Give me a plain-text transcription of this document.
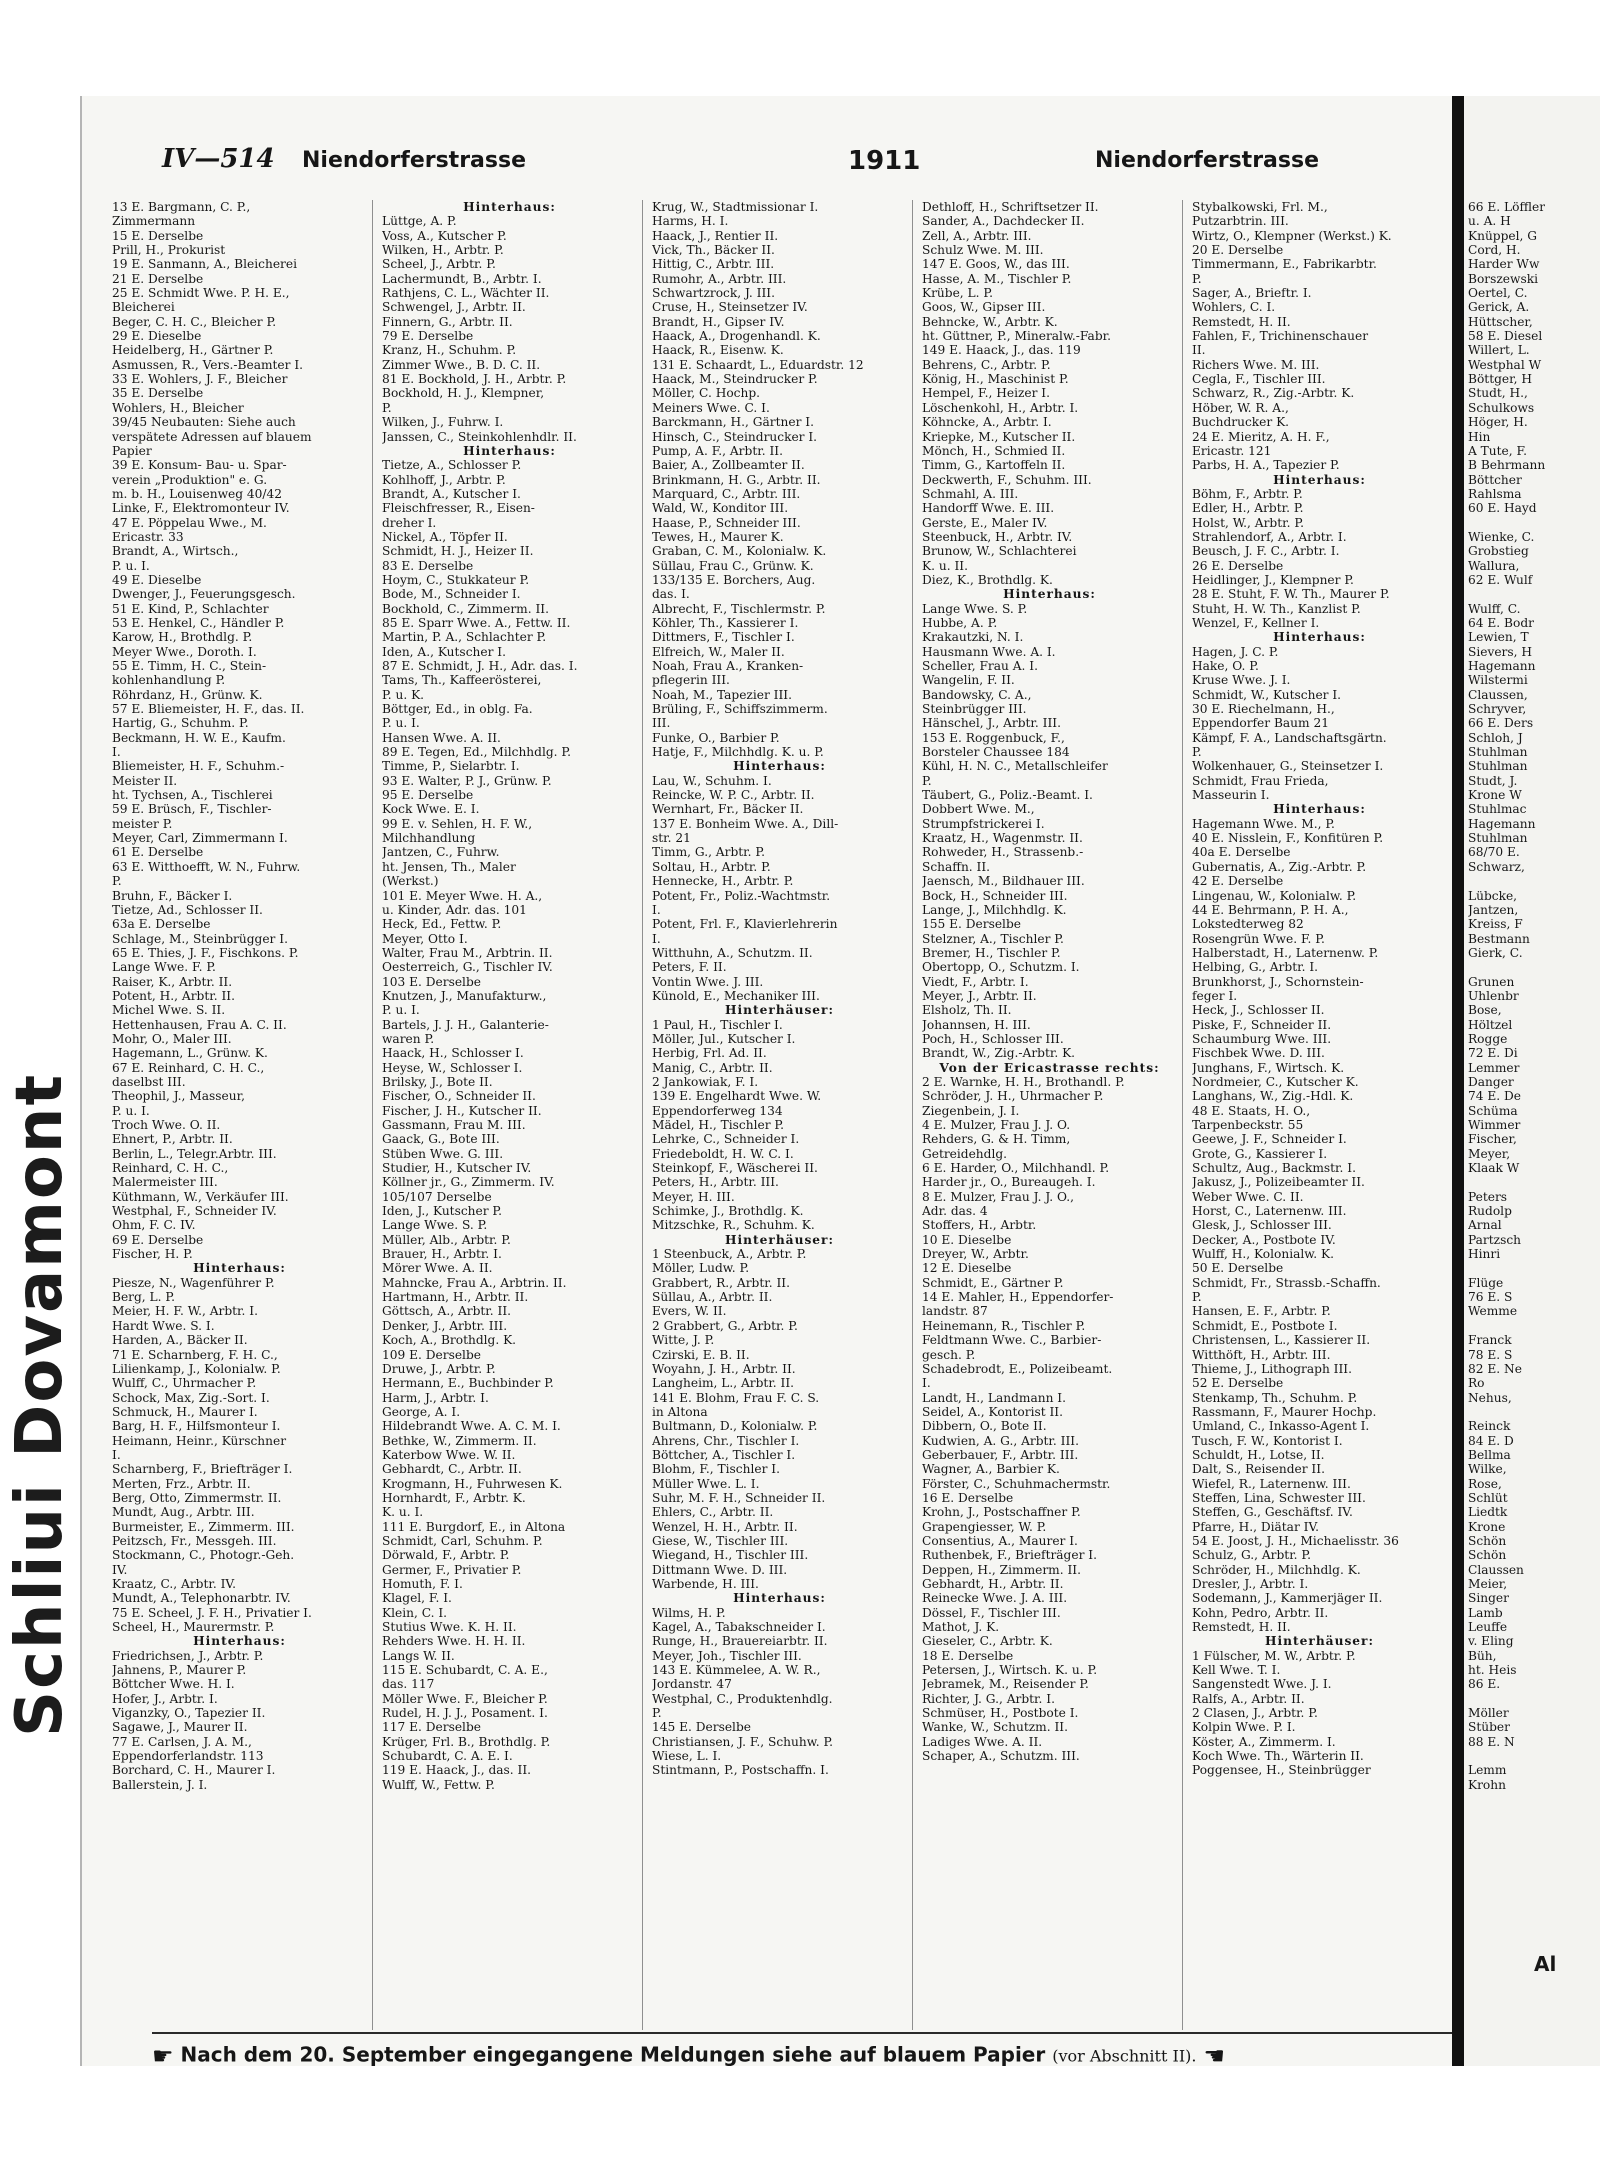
Schliui Dovamont
IV—514 Niendorferstrasse	1911	Niendorferstrasse
13 E. Bargmann, C. P.,
Zimmermann
15 E. Derselbe
Prill, H., Prokurist
19 E. Sanmann, A., Bleicherei
21 E. Derselbe
25 E. Schmidt Wwe. P. H. E.,
Bleicherei
Beger, C. H. C., Bleicher P.
29 E. Dieselbe
Heidelberg, H., Gärtner P.
Asmussen, R., Vers.-Beamter I.
33 E. Wohlers, J. F., Bleicher
35 E. Derselbe
Wohlers, H., Bleicher
39/45 Neubauten: Siehe auch
verspätete Adressen auf blauem
Papier
39 E. Konsum- Bau- u. Spar-
verein „Produktion" e. G.
m. b. H., Louisenweg 40/42
Linke, F., Elektromonteur IV.
47 E. Pöppelau Wwe., M.
Ericastr. 33
Brandt, A., Wirtsch.,
P. u. I.
49 E. Dieselbe
Dwenger, J., Feuerungsgesch.
51 E. Kind, P., Schlachter
53 E. Henkel, C., Händler P.
Karow, H., Brothdlg. P.
Meyer Wwe., Doroth. I.
55 E. Timm, H. C., Stein-
kohlenhandlung P.
Röhrdanz, H., Grünw. K.
57 E. Bliemeister, H. F., das. II.
Hartig, G., Schuhm. P.
Beckmann, H. W. E., Kaufm.
I.
Bliemeister, H. F., Schuhm.-
Meister II.
ht. Tychsen, A., Tischlerei
59 E. Brüsch, F., Tischler-
meister P.
Meyer, Carl, Zimmermann I.
61 E. Derselbe
63 E. Witthoefft, W. N., Fuhrw.
P.
Bruhn, F., Bäcker I.
Tietze, Ad., Schlosser II.
63a E. Derselbe
Schlage, M., Steinbrügger I.
65 E. Thies, J. F., Fischkons. P.
Lange Wwe. F. P.
Raiser, K., Arbtr. II.
Potent, H., Arbtr. II.
Michel Wwe. S. II.
Hettenhausen, Frau A. C. II.
Mohr, O., Maler III.
Hagemann, L., Grünw. K.
67 E. Reinhard, C. H. C.,
daselbst III.
Theophil, J., Masseur,
P. u. I.
Troch Wwe. O. II.
Ehnert, P., Arbtr. II.
Berlin, L., Telegr.Arbtr. III.
Reinhard, C. H. C.,
Malermeister III.
Küthmann, W., Verkäufer III.
Westphal, F., Schneider IV.
Ohm, F. C. IV.
69 E. Derselbe
Fischer, H. P.
Hinterhaus:
Piesze, N., Wagenführer P.
Berg, L. P.
Meier, H. F. W., Arbtr. I.
Hardt Wwe. S. I.
Harden, A., Bäcker II.
71 E. Scharnberg, F. H. C.,
Lilienkamp, J., Kolonialw. P.
Wulff, C., Uhrmacher P.
Schock, Max, Zig.-Sort. I.
Schmuck, H., Maurer I.
Barg, H. F., Hilfsmonteur I.
Heimann, Heinr., Kürschner
I.
Scharnberg, F., Briefträger I.
Merten, Frz., Arbtr. II.
Berg, Otto, Zimmermstr. II.
Mundt, Aug., Arbtr. III.
Burmeister, E., Zimmerm. III.
Peitzsch, Fr., Messgeh. III.
Stockmann, C., Photogr.-Geh.
IV.
Kraatz, C., Arbtr. IV.
Mundt, A., Telephonarbtr. IV.
75 E. Scheel, J. F. H., Privatier I.
Scheel, H., Maurermstr. P.
Hinterhaus:
Friedrichsen, J., Arbtr. P.
Jahnens, P., Maurer P.
Böttcher Wwe. H. I.
Hofer, J., Arbtr. I.
Viganzky, O., Tapezier II.
Sagawe, J., Maurer II.
77 E. Carlsen, J. A. M.,
Eppendorferlandstr. 113
Borchard, C. H., Maurer I.
Ballerstein, J. I.
Hinterhaus:
Lüttge, A. P.
Voss, A., Kutscher P.
Wilken, H., Arbtr. P.
Scheel, J., Arbtr. P.
Lachermundt, B., Arbtr. I.
Rathjens, C. L., Wächter II.
Schwengel, J., Arbtr. II.
Finnern, G., Arbtr. II.
79 E. Derselbe
Kranz, H., Schuhm. P.
Zimmer Wwe., B. D. C. II.
81 E. Bockhold, J. H., Arbtr. P.
Bockhold, H. J., Klempner,
P.
Wilken, J., Fuhrw. I.
Janssen, C., Steinkohlenhdlr. II.
Hinterhaus:
Tietze, A., Schlosser P.
Kohlhoff, J., Arbtr. P.
Brandt, A., Kutscher I.
Fleischfresser, R., Eisen-
dreher I.
Nickel, A., Töpfer II.
Schmidt, H. J., Heizer II.
83 E. Derselbe
Hoym, C., Stukkateur P.
Bode, M., Schneider I.
Bockhold, C., Zimmerm. II.
85 E. Sparr Wwe. A., Fettw. II.
Martin, P. A., Schlachter P.
Iden, A., Kutscher I.
87 E. Schmidt, J. H., Adr. das. I.
Tams, Th., Kaffeerösterei,
P. u. K.
Böttger, Ed., in oblg. Fa.
P. u. I.
Hansen Wwe. A. II.
89 E. Tegen, Ed., Milchhdlg. P.
Timme, P., Sielarbtr. I.
93 E. Walter, P. J., Grünw. P.
95 E. Derselbe
Kock Wwe. E. I.
99 E. v. Sehlen, H. F. W.,
Milchhandlung
Jantzen, C., Fuhrw.
ht. Jensen, Th., Maler
(Werkst.)
101 E. Meyer Wwe. H. A.,
u. Kinder, Adr. das. 101
Heck, Ed., Fettw. P.
Meyer, Otto I.
Walter, Frau M., Arbtrin. II.
Oesterreich, G., Tischler IV.
103 E. Derselbe
Knutzen, J., Manufakturw.,
P. u. I.
Bartels, J. J. H., Galanterie-
waren P.
Haack, H., Schlosser I.
Heyse, W., Schlosser I.
Brilsky, J., Bote II.
Fischer, O., Schneider II.
Fischer, J. H., Kutscher II.
Gassmann, Frau M. III.
Gaack, G., Bote III.
Stüben Wwe. G. III.
Studier, H., Kutscher IV.
Köllner jr., G., Zimmerm. IV.
105/107 Derselbe
Iden, J., Kutscher P.
Lange Wwe. S. P.
Müller, Alb., Arbtr. P.
Brauer, H., Arbtr. I.
Mörer Wwe. A. II.
Mahncke, Frau A., Arbtrin. II.
Hartmann, H., Arbtr. II.
Göttsch, A., Arbtr. II.
Denker, J., Arbtr. III.
Koch, A., Brothdlg. K.
109 E. Derselbe
Druwe, J., Arbtr. P.
Hermann, E., Buchbinder P.
Harm, J., Arbtr. I.
George, A. I.
Hildebrandt Wwe. A. C. M. I.
Bethke, W., Zimmerm. II.
Katerbow Wwe. W. II.
Gebhardt, C., Arbtr. II.
Krogmann, H., Fuhrwesen K.
Hornhardt, F., Arbtr. K.
K. u. I.
111 E. Burgdorf, E., in Altona
Schmidt, Carl, Schuhm. P.
Dörwald, F., Arbtr. P.
Germer, F., Privatier P.
Homuth, F. I.
Klagel, F. I.
Klein, C. I.
Stutius Wwe. K. H. II.
Rehders Wwe. H. H. II.
Langs W. II.
115 E. Schubardt, C. A. E.,
das. 117
Möller Wwe. F., Bleicher P.
Rudel, H. J. J., Posament. I.
117 E. Derselbe
Krüger, Frl. B., Brothdlg. P.
Schubardt, C. A. E. I.
119 E. Haack, J., das. II.
Wulff, W., Fettw. P.
Krug, W., Stadtmissionar I.
Harms, H. I.
Haack, J., Rentier II.
Vick, Th., Bäcker II.
Hittig, C., Arbtr. III.
Rumohr, A., Arbtr. III.
Schwartzrock, J. III.
Cruse, H., Steinsetzer IV.
Brandt, H., Gipser IV.
Haack, A., Drogenhandl. K.
Haack, R., Eisenw. K.
131 E. Schaardt, L., Eduardstr. 12
Haack, M., Steindrucker P.
Möller, C. Hochp.
Meiners Wwe. C. I.
Barckmann, H., Gärtner I.
Hinsch, C., Steindrucker I.
Pump, A. F., Arbtr. II.
Baier, A., Zollbeamter II.
Brinkmann, H. G., Arbtr. II.
Marquard, C., Arbtr. III.
Wald, W., Konditor III.
Haase, P., Schneider III.
Tewes, H., Maurer K.
Graban, C. M., Kolonialw. K.
Süllau, Frau C., Grünw. K.
133/135 E. Borchers, Aug.
das. I.
Albrecht, F., Tischlermstr. P.
Köhler, Th., Kassierer I.
Dittmers, F., Tischler I.
Elfreich, W., Maler II.
Noah, Frau A., Kranken-
pflegerin III.
Noah, M., Tapezier III.
Brüling, F., Schiffszimmerm.
III.
Funke, O., Barbier P.
Hatje, F., Milchhdlg. K. u. P.
Hinterhaus:
Lau, W., Schuhm. I.
Reincke, W. P. C., Arbtr. II.
Wernhart, Fr., Bäcker II.
137 E. Bonheim Wwe. A., Dill-
str. 21
Timm, G., Arbtr. P.
Soltau, H., Arbtr. P.
Hennecke, H., Arbtr. P.
Potent, Fr., Poliz.-Wachtmstr.
I.
Potent, Frl. F., Klavierlehrerin
I.
Witthuhn, A., Schutzm. II.
Peters, F. II.
Vontin Wwe. J. III.
Künold, E., Mechaniker III.
Hinterhäuser:
1 Paul, H., Tischler I.
Möller, Jul., Kutscher I.
Herbig, Frl. Ad. II.
Manig, C., Arbtr. II.
2 Jankowiak, F. I.
139 E. Engelhardt Wwe. W.
Eppendorferweg 134
Mädel, H., Tischler P.
Lehrke, C., Schneider I.
Friedeboldt, H. W. C. I.
Steinkopf, F., Wäscherei II.
Peters, H., Arbtr. III.
Meyer, H. III.
Schimke, J., Brothdlg. K.
Mitzschke, R., Schuhm. K.
Hinterhäuser:
1 Steenbuck, A., Arbtr. P.
Möller, Ludw. P.
Grabbert, R., Arbtr. II.
Süllau, A., Arbtr. II.
Evers, W. II.
2 Grabbert, G., Arbtr. P.
Witte, J. P.
Czirski, E. B. II.
Woyahn, J. H., Arbtr. II.
Langheim, L., Arbtr. II.
141 E. Blohm, Frau F. C. S.
in Altona
Bultmann, D., Kolonialw. P.
Ahrens, Chr., Tischler I.
Böttcher, A., Tischler I.
Blohm, F., Tischler I.
Müller Wwe. L. I.
Suhr, M. F. H., Schneider II.
Ehlers, C., Arbtr. II.
Wenzel, H. H., Arbtr. II.
Giese, W., Tischler III.
Wiegand, H., Tischler III.
Dittmann Wwe. D. III.
Warbende, H. III.
Hinterhaus:
Wilms, H. P.
Kagel, A., Tabakschneider I.
Runge, H., Brauereiarbtr. II.
Meyer, Joh., Tischler III.
143 E. Kümmelee, A. W. R.,
Jordanstr. 47
Westphal, C., Produktenhdlg.
P.
145 E. Derselbe
Christiansen, J. F., Schuhw. P.
Wiese, L. I.
Stintmann, P., Postschaffn. I.
Dethloff, H., Schriftsetzer II.
Sander, A., Dachdecker II.
Zell, A., Arbtr. III.
Schulz Wwe. M. III.
147 E. Goos, W., das III.
Hasse, A. M., Tischler P.
Krübe, L. P.
Goos, W., Gipser III.
Behncke, W., Arbtr. K.
ht. Güttner, P., Mineralw.-Fabr.
149 E. Haack, J., das. 119
Behrens, C., Arbtr. P.
König, H., Maschinist P.
Hempel, F., Heizer I.
Löschenkohl, H., Arbtr. I.
Köhncke, A., Arbtr. I.
Kriepke, M., Kutscher II.
Mönch, H., Schmied II.
Timm, G., Kartoffeln II.
Deckwerth, F., Schuhm. III.
Schmahl, A. III.
Handorff Wwe. E. III.
Gerste, E., Maler IV.
Steenbuck, H., Arbtr. IV.
Brunow, W., Schlachterei
K. u. II.
Diez, K., Brothdlg. K.
Hinterhaus:
Lange Wwe. S. P.
Hubbe, A. P.
Krakautzki, N. I.
Hausmann Wwe. A. I.
Scheller, Frau A. I.
Wangelin, F. II.
Bandowsky, C. A.,
Steinbrügger III.
Hänschel, J., Arbtr. III.
153 E. Roggenbuck, F.,
Borsteler Chaussee 184
Kühl, H. N. C., Metallschleifer
P.
Täubert, G., Poliz.-Beamt. I.
Dobbert Wwe. M.,
Strumpfstrickerei I.
Kraatz, H., Wagenmstr. II.
Rohweder, H., Strassenb.-
Schaffn. II.
Jaensch, M., Bildhauer III.
Bock, H., Schneider III.
Lange, J., Milchhdlg. K.
155 E. Derselbe
Stelzner, A., Tischler P.
Bremer, H., Tischler P.
Obertopp, O., Schutzm. I.
Viedt, F., Arbtr. I.
Meyer, J., Arbtr. II.
Elsholz, Th. II.
Johannsen, H. III.
Poch, H., Schlosser III.
Brandt, W., Zig.-Arbtr. K.
Von der Ericastrasse rechts:
2 E. Warnke, H. H., Brothandl. P.
Schröder, J. H., Uhrmacher P.
Ziegenbein, J. I.
4 E. Mulzer, Frau J. J. O.
Rehders, G. & H. Timm,
Getreidehdlg.
6 E. Harder, O., Milchhandl. P.
Harder jr., O., Bureaugeh. I.
8 E. Mulzer, Frau J. J. O.,
Adr. das. 4
Stoffers, H., Arbtr.
10 E. Dieselbe
Dreyer, W., Arbtr.
12 E. Dieselbe
Schmidt, E., Gärtner P.
14 E. Mahler, H., Eppendorfer-
landstr. 87
Heinemann, R., Tischler P.
Feldtmann Wwe. C., Barbier-
gesch. P.
Schadebrodt, E., Polizeibeamt.
I.
Landt, H., Landmann I.
Seidel, A., Kontorist II.
Dibbern, O., Bote II.
Kudwien, A. G., Arbtr. III.
Geberbauer, F., Arbtr. III.
Wagner, A., Barbier K.
Förster, C., Schuhmachermstr.
16 E. Derselbe
Krohn, J., Postschaffner P.
Grapengiesser, W. P.
Consentius, A., Maurer I.
Ruthenbek, F., Briefträger I.
Deppen, H., Zimmerm. II.
Gebhardt, H., Arbtr. II.
Reinecke Wwe. J. A. III.
Dössel, F., Tischler III.
Mathot, J. K.
Gieseler, C., Arbtr. K.
18 E. Derselbe
Petersen, J., Wirtsch. K. u. P.
Jebramek, M., Reisender P.
Richter, J. G., Arbtr. I.
Schmüser, H., Postbote I.
Wanke, W., Schutzm. II.
Ladiges Wwe. A. II.
Schaper, A., Schutzm. III.
Stybalkowski, Frl. M.,
Putzarbtrin. III.
Wirtz, O., Klempner (Werkst.) K.
20 E. Derselbe
Timmermann, E., Fabrikarbtr.
P.
Sager, A., Brieftr. I.
Wohlers, C. I.
Remstedt, H. II.
Fahlen, F., Trichinenschauer
II.
Richers Wwe. M. III.
Cegla, F., Tischler III.
Schwarz, R., Zig.-Arbtr. K.
Höber, W. R. A.,
Buchdrucker K.
24 E. Mieritz, A. H. F.,
Ericastr. 121
Parbs, H. A., Tapezier P.
Hinterhaus:
Böhm, F., Arbtr. P.
Edler, H., Arbtr. P.
Holst, W., Arbtr. P.
Strahlendorf, A., Arbtr. I.
Beusch, J. F. C., Arbtr. I.
26 E. Derselbe
Heidlinger, J., Klempner P.
28 E. Stuht, F. W. Th., Maurer P.
Stuht, H. W. Th., Kanzlist P.
Wenzel, F., Kellner I.
Hinterhaus:
Hagen, J. C. P.
Hake, O. P.
Kruse Wwe. J. I.
Schmidt, W., Kutscher I.
30 E. Riechelmann, H.,
Eppendorfer Baum 21
Kämpf, F. A., Landschaftsgärtn.
P.
Wolkenhauer, G., Steinsetzer I.
Schmidt, Frau Frieda,
Masseurin I.
Hinterhaus:
Hagemann Wwe. M., P.
40 E. Nisslein, F., Konfitüren P.
40a E. Derselbe
Gubernatis, A., Zig.-Arbtr. P.
42 E. Derselbe
Lingenau, W., Kolonialw. P.
44 E. Behrmann, P. H. A.,
Lokstedterweg 82
Rosengrün Wwe. F. P.
Halberstadt, H., Laternenw. P.
Helbing, G., Arbtr. I.
Brunkhorst, J., Schornstein-
feger I.
Heck, J., Schlosser II.
Piske, F., Schneider II.
Schaumburg Wwe. III.
Fischbek Wwe. D. III.
Junghans, F., Wirtsch. K.
Nordmeier, C., Kutscher K.
Langhans, W., Zig.-Hdl. K.
48 E. Staats, H. O.,
Tarpenbeckstr. 55
Geewe, J. F., Schneider I.
Grote, G., Kassierer I.
Schultz, Aug., Backmstr. I.
Jakusz, J., Polizeibeamter II.
Weber Wwe. C. II.
Horst, C., Laternenw. III.
Glesk, J., Schlosser III.
Decker, A., Postbote IV.
Wulff, H., Kolonialw. K.
50 E. Derselbe
Schmidt, Fr., Strassb.-Schaffn.
P.
Hansen, E. F., Arbtr. P.
Schmidt, E., Postbote I.
Christensen, L., Kassierer II.
Witthöft, H., Arbtr. III.
Thieme, J., Lithograph III.
52 E. Derselbe
Stenkamp, Th., Schuhm. P.
Rassmann, F., Maurer Hochp.
Umland, C., Inkasso-Agent I.
Tusch, F. W., Kontorist I.
Schuldt, H., Lotse, II.
Dalt, S., Reisender II.
Wiefel, R., Laternenw. III.
Steffen, Lina, Schwester III.
Steffen, G., Geschäftsf. IV.
Pfarre, H., Diätar IV.
54 E. Joost, J. H., Michaelisstr. 36
Schulz, G., Arbtr. P.
Schröder, H., Milchhdlg. K.
Dresler, J., Arbtr. I.
Sodemann, J., Kammerjäger II.
Kohn, Pedro, Arbtr. II.
Remstedt, H. II.
Hinterhäuser:
1 Fülscher, M. W., Arbtr. P.
Kell Wwe. T. I.
Sangenstedt Wwe. J. I.
Ralfs, A., Arbtr. II.
2 Clasen, J., Arbtr. P.
Kolpin Wwe. P. I.
Köster, A., Zimmerm. I.
Koch Wwe. Th., Wärterin II.
Poggensee, H., Steinbrügger
☛ Nach dem 20. September eingegangene Meldungen siehe auf blauem Papier (vor Abschnitt II). ☚
66 E. Löffler
u. A. H
Knüppel, G
Cord, H.
Harder Ww
Borszewski
Oertel, C.
Gerick, A.
Hüttscher,
58 E. Diesel
Willert, L.
Westphal W
Böttger, H
Studt, H.,
Schulkows
Höger, H.
Hin
A Tute, F.
B Behrmann
Böttcher
Rahlsma
60 E. Hayd
Wienke, C.
Grobstieg
Wallura,
62 E. Wulf
Wulff, C.
64 E. Bodr
Lewien, T
Sievers, H
Hagemann
Wilstermi
Claussen,
Schryver,
66 E. Ders
Schloh, J
Stuhlman
Stuhlman
Studt, J.
Krone W
Stuhlmac
Hagemann
Stuhlman
68/70 E.
Schwarz,
Lübcke,
Jantzen,
Kreiss, F
Bestmann
Gierk, C.
Grunen
Uhlenbr
Bose,
Höltzel
Rogge
72 E. Di
Lemmer
Danger
74 E. De
Schüma
Wimmer
Fischer,
Meyer,
Klaak W
Peters
Rudolp
Arnal
Partzsch
Hinri
Flüge
76 E. S
Wemme
Franck
78 E. S
82 E. Ne
Ro
Nehus,
Reinck
84 E. D
Bellma
Wilke,
Rose,
Schlüt
Liedtk
Krone
Schön
Schön
Claussen
Meier,
Singer
Lamb
Leuffe
v. Eling
Büh,
ht. Heis
86 E.
Möller
Stüber
88 E. N
Lemm
Krohn
Al
